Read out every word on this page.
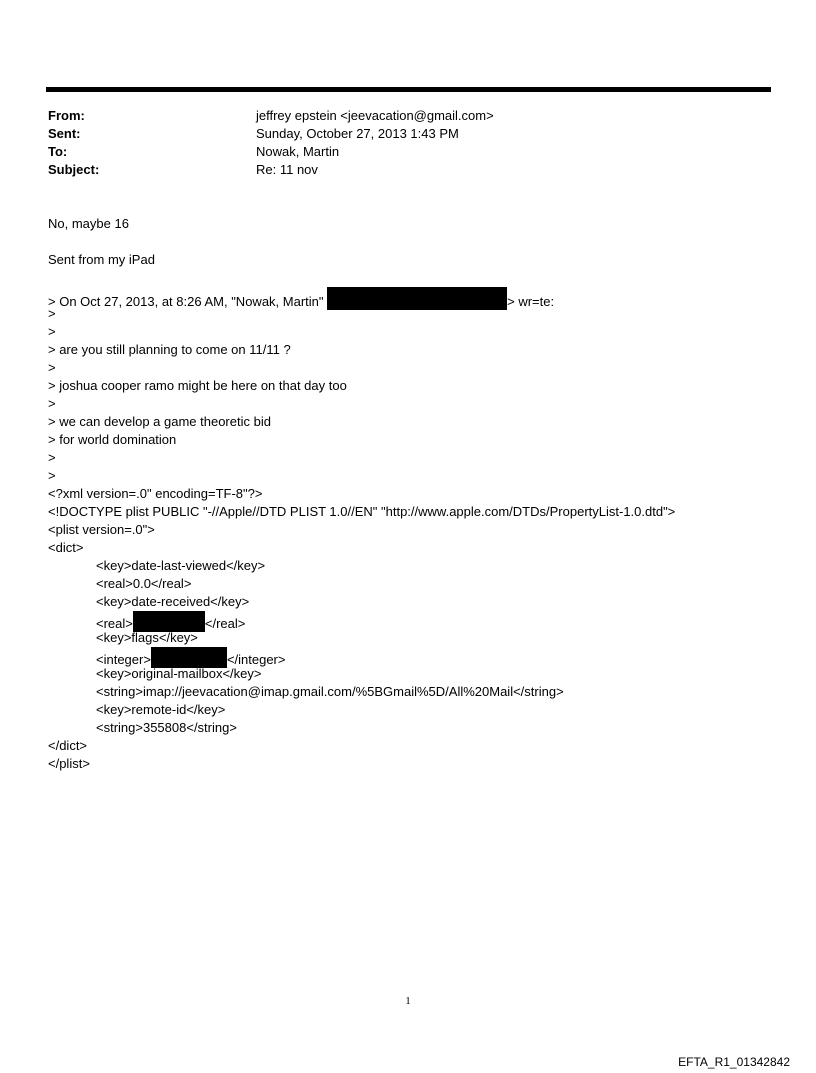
From:	jeffrey epstein <jeevacation@gmail.com>
Sent:	Sunday, October 27, 2013 1:43 PM
To:	Nowak, Martin
Subject:	Re: 11 nov
No, maybe 16
Sent from my iPad
> On Oct 27, 2013, at 8:26 AM, "Nowak, Martin"	> wr=te:
>
>
> are you still planning to come on 11/11 ?
>
> joshua cooper ramo might be here on that day too
>
> we can develop a game theoretic bid
> for world domination
>
>
<?xml version=.0" encoding=TF-8"?>
<!DOCTYPE plist PUBLIC "-//Apple//DTD PLIST 1.0//EN" "http://www.apple.com/DTDs/PropertyList-1.0.dtd">
<plist version=.0">
<dict>
<key>date-last-viewed</key>
<real>0.0</real>
<key>date-received</key>
<real>	</real>
<key>flags</key>
<integer>	</integer>
<key>original-mailbox</key>
<string>imap://jeevacation@imap.gmail.com/%5BGmail%5D/All%20Mail</string>
<key>remote-id</key>
<string>355808</string>
</dict>
</plist>
1
EFTA_R1_01342842
